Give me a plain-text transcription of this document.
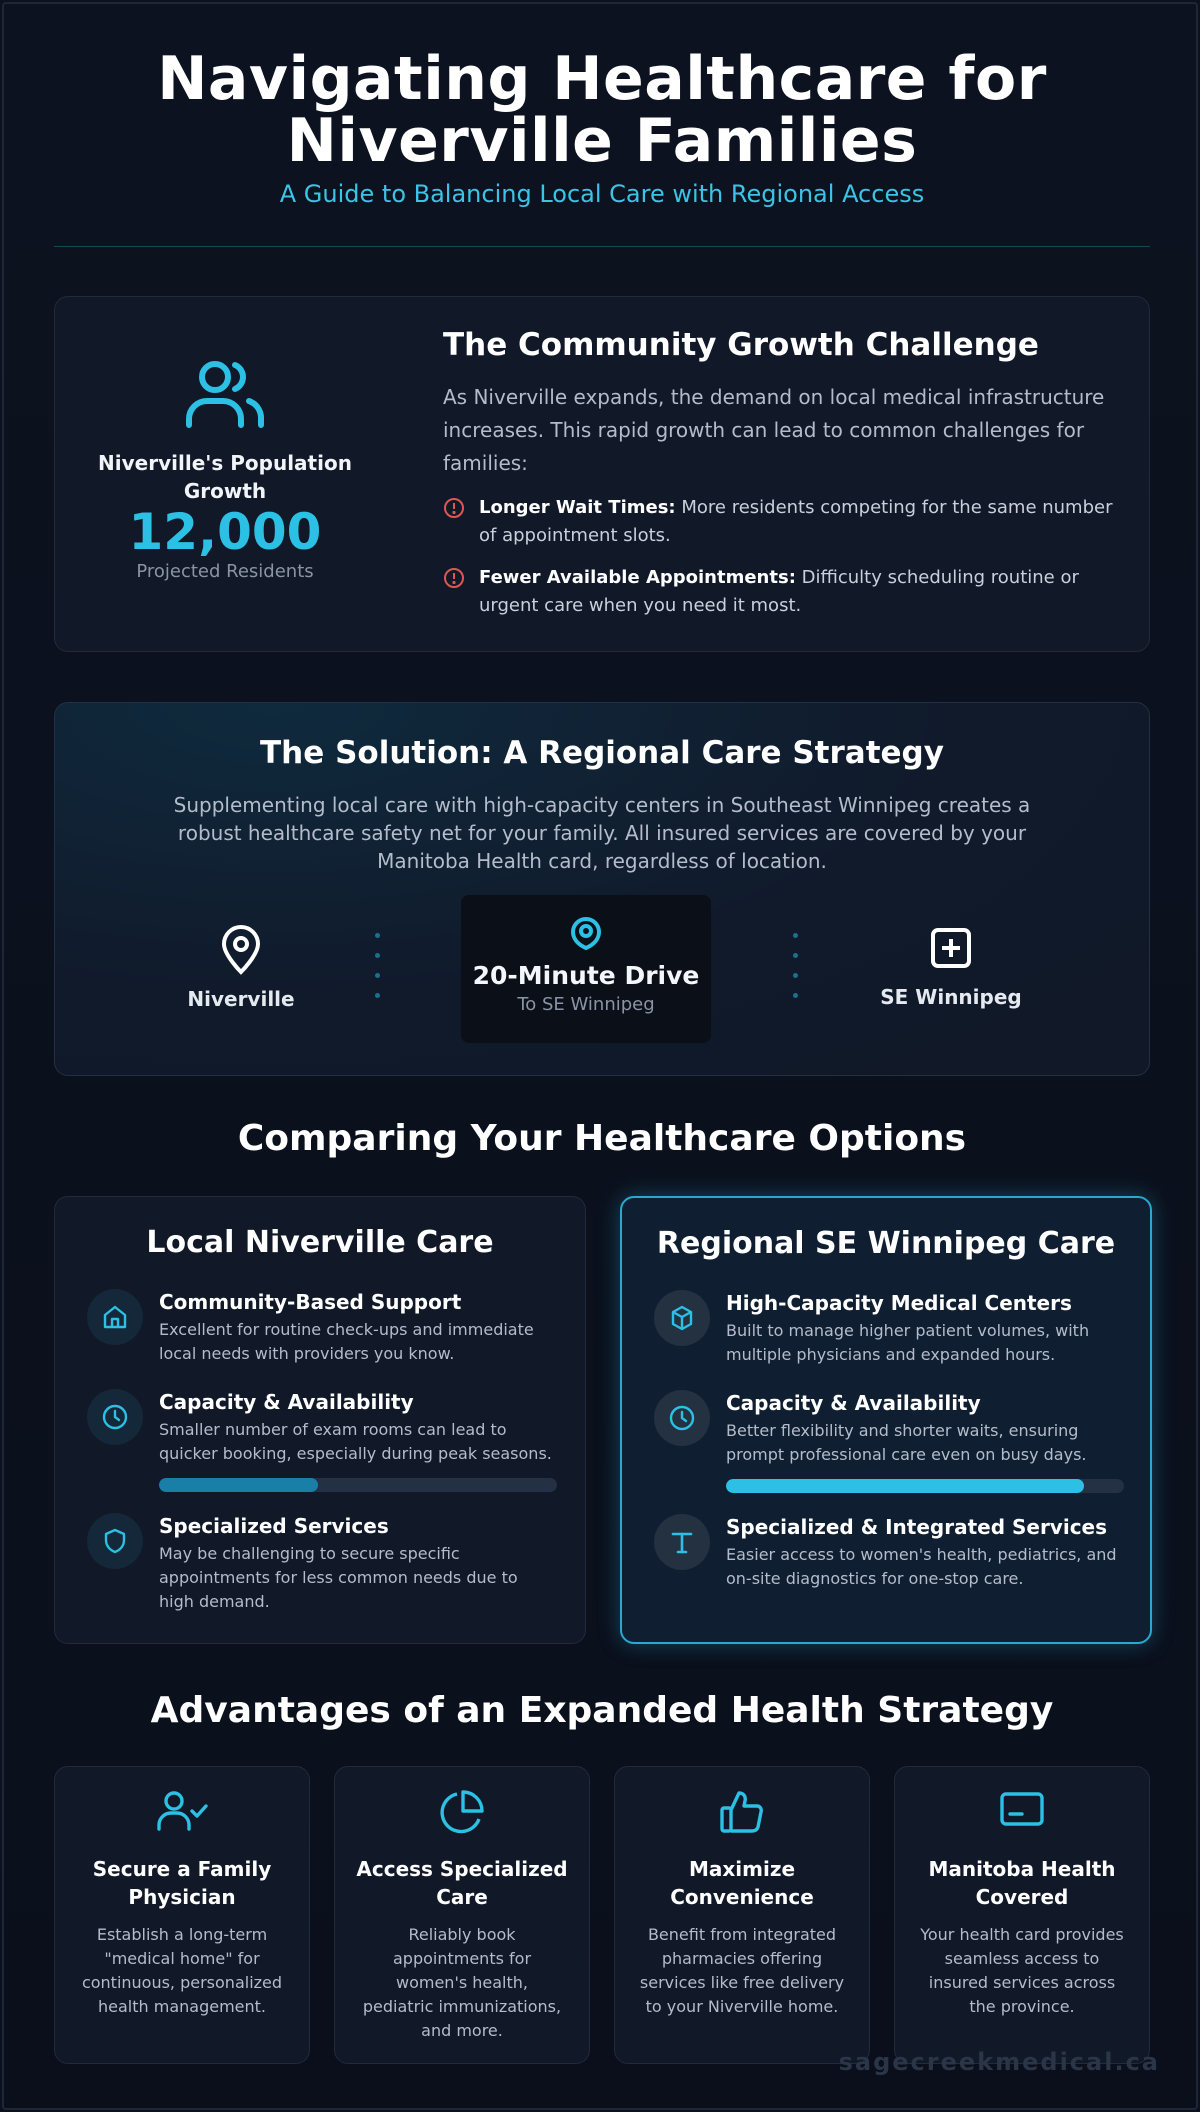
Navigating Healthcare for
Niverville Families
A Guide to Balancing Local Care with Regional Access
Niverville's Population Growth
12,000
Projected Residents
The Community Growth Challenge
As Niverville expands, the demand on local medical infrastructure increases. This rapid growth can lead to common challenges for families:
Longer Wait Times: More residents competing for the same number of appointment slots.
Fewer Available Appointments: Difficulty scheduling routine or urgent care when you need it most.
The Solution: A Regional Care Strategy
Supplementing local care with high-capacity centers in Southeast Winnipeg creates a robust healthcare safety net for your family. All insured services are covered by your Manitoba Health card, regardless of location.
Niverville
20-Minute Drive
To SE Winnipeg	SE Winnipeg
Comparing Your Healthcare Options
Local Niverville Care
Community-Based Support
Excellent for routine check-ups and immediate local needs with providers you know.
Capacity & Availability
Smaller number of exam rooms can lead to quicker booking, especially during peak seasons.
Specialized Services
May be challenging to secure specific appointments for less common needs due to high demand.
Regional SE Winnipeg Care
High-Capacity Medical Centers
Built to manage higher patient volumes, with multiple physicians and expanded hours.
Capacity & Availability
Better flexibility and shorter waits, ensuring prompt professional care even on busy days.
Specialized & Integrated Services
Easier access to women's health, pediatrics, and on-site diagnostics for one-stop care.
Advantages of an Expanded Health Strategy
Secure a Family Physician
Establish a long-term "medical home" for continuous, personalized health management.
Access Specialized Care
Reliably book appointments for women's health, pediatric immunizations, and more.
Maximize Convenience
Benefit from integrated pharmacies offering services like free delivery to your Niverville home.
Manitoba Health Covered
Your health card provides seamless access to insured services across the province.
sagecreekmedical.ca
